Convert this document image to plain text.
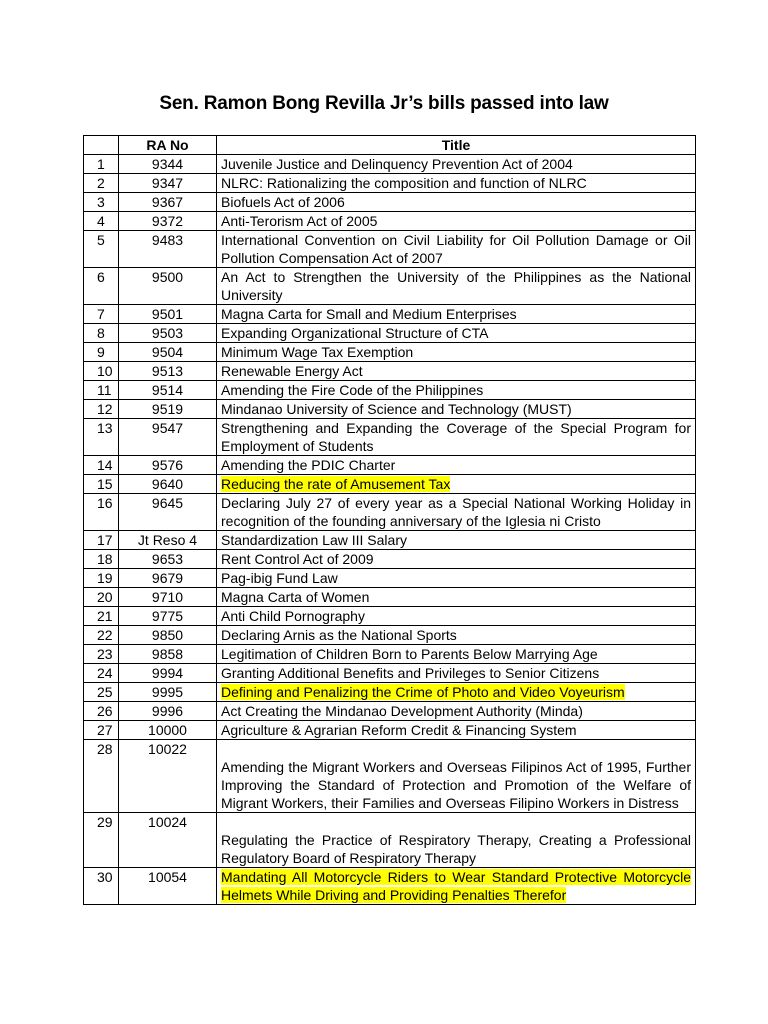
Sen. Ramon Bong Revilla Jr’s bills passed into law
	RA No	Title
1	9344	Juvenile Justice and Delinquency Prevention Act of 2004
2	9347	NLRC: Rationalizing the composition and function of NLRC
3	9367	Biofuels Act of 2006
4	9372	Anti-Terorism Act of 2005
5	9483	International Convention on Civil Liability for Oil Pollution Damage or Oil Pollution Compensation Act of 2007
6	9500	An Act to Strengthen the University of the Philippines as the National University
7	9501	Magna Carta for Small and Medium Enterprises
8	9503	Expanding Organizational Structure of CTA
9	9504	Minimum Wage Tax Exemption
10	9513	Renewable Energy Act
11	9514	Amending the Fire Code of the Philippines
12	9519	Mindanao University of Science and Technology (MUST)
13	9547	Strengthening and Expanding the Coverage of the Special Program for Employment of Students
14	9576	Amending the PDIC Charter
15	9640	Reducing the rate of Amusement Tax
16	9645	Declaring July 27 of every year as a Special National Working Holiday in recognition of the founding anniversary of the Iglesia ni Cristo
17	Jt Reso 4	Standardization Law III Salary
18	9653	Rent Control Act of 2009
19	9679	Pag-ibig Fund Law
20	9710	Magna Carta of Women
21	9775	Anti Child Pornography
22	9850	Declaring Arnis as the National Sports
23	9858	Legitimation of Children Born to Parents Below Marrying Age
24	9994	Granting Additional Benefits and Privileges to Senior Citizens
25	9995	Defining and Penalizing the Crime of Photo and Video Voyeurism
26	9996	Act Creating the Mindanao Development Authority (Minda)
27	10000	Agriculture & Agrarian Reform Credit & Financing System
28	10022	Amending the Migrant Workers and Overseas Filipinos Act of 1995, Further Improving the Standard of Protection and Promotion of the Welfare of Migrant Workers, their Families and Overseas Filipino Workers in Distress

29	10024	Regulating the Practice of Respiratory Therapy, Creating a Professional Regulatory Board of Respiratory Therapy

30	10054	Mandating All Motorcycle Riders to Wear Standard Protective Motorcycle Helmets While Driving and Providing Penalties Therefor
